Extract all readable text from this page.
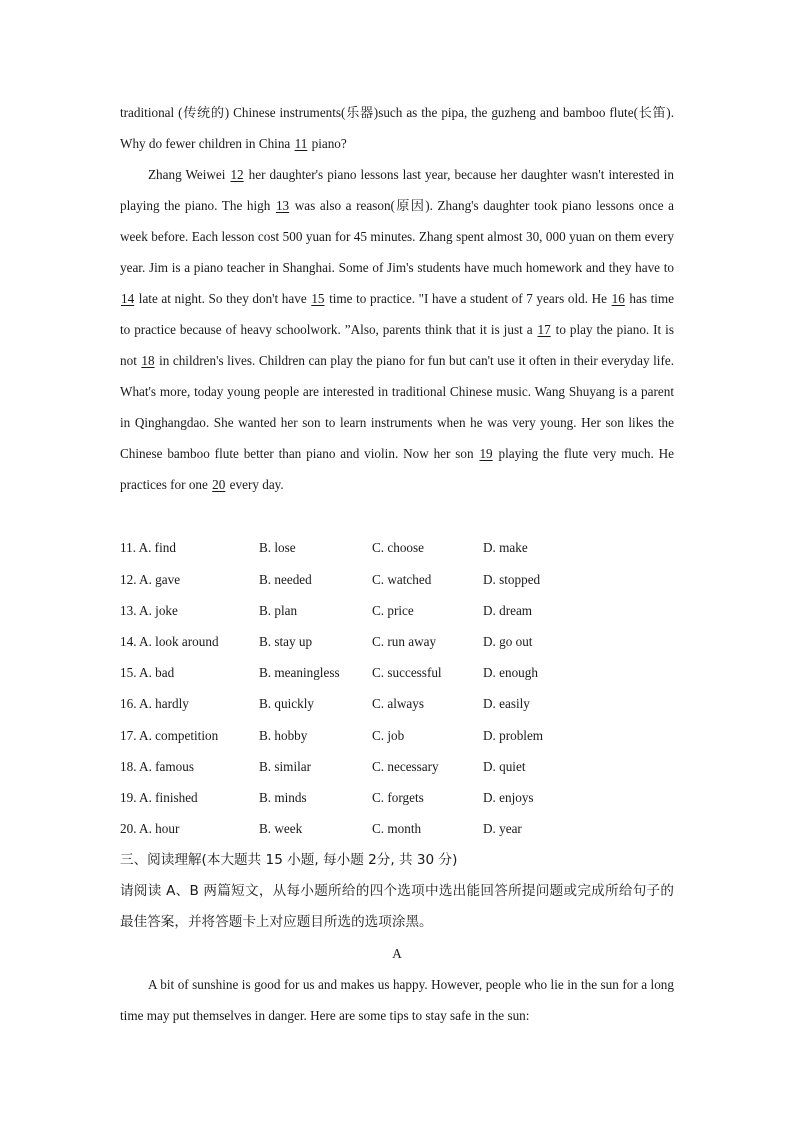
traditional (传统的) Chinese instruments(乐器)such as the pipa, the guzheng and bamboo flute(长笛). Why do fewer children in China 11 piano?
Zhang Weiwei 12 her daughter's piano lessons last year, because her daughter wasn't interested in playing the piano. The high 13 was also a reason(原因). Zhang's daughter took piano lessons once a week before. Each lesson cost 500 yuan for 45 minutes. Zhang spent almost 30, 000 yuan on them every year. Jim is a piano teacher in Shanghai. Some of Jim's students have much homework and they have to 14 late at night. So they don't have 15 time to practice. "I have a student of 7 years old. He 16 has time to practice because of heavy schoolwork. ”Also, parents think that it is just a 17 to play the piano. It is not 18 in children's lives. Children can play the piano for fun but can't use it often in their everyday life. What's more, today young people are interested in traditional Chinese music. Wang Shuyang is a parent in Qinghangdao. She wanted her son to learn instruments when he was very young. Her son likes the Chinese bamboo flute better than piano and violin. Now her son 19 playing the flute very much. He practices for one 20 every day.
11. A. find	B. lose	C. choose	D. make
12. A. gave	B. needed	C. watched	D. stopped
13. A. joke	B. plan	C. price	D. dream
14. A. look around	B. stay up	C. run away	D. go out
15. A. bad	B. meaningless C. successful	D. enough
16. A. hardly	B. quickly	C. always	D. easily
17. A. competition	B. hobby	C. job	D. problem
18. A. famous	B. similar	C. necessary	D. quiet
19. A. finished	B. minds	C. forgets	D. enjoys
20. A. hour	B. week	C. month	D. year
三、阅读理解(本大题共 15 小题, 每小题 2分, 共 30 分)
请阅读 A、B 两篇短文，从每小题所给的四个选项中选出能回答所提问题或完成所给句子的最佳答案，并将答题卡上对应题目所选的选项涂黑。
A
A bit of sunshine is good for us and makes us happy. However, people who lie in the sun for a long time may put themselves in danger. Here are some tips to stay safe in the sun:
